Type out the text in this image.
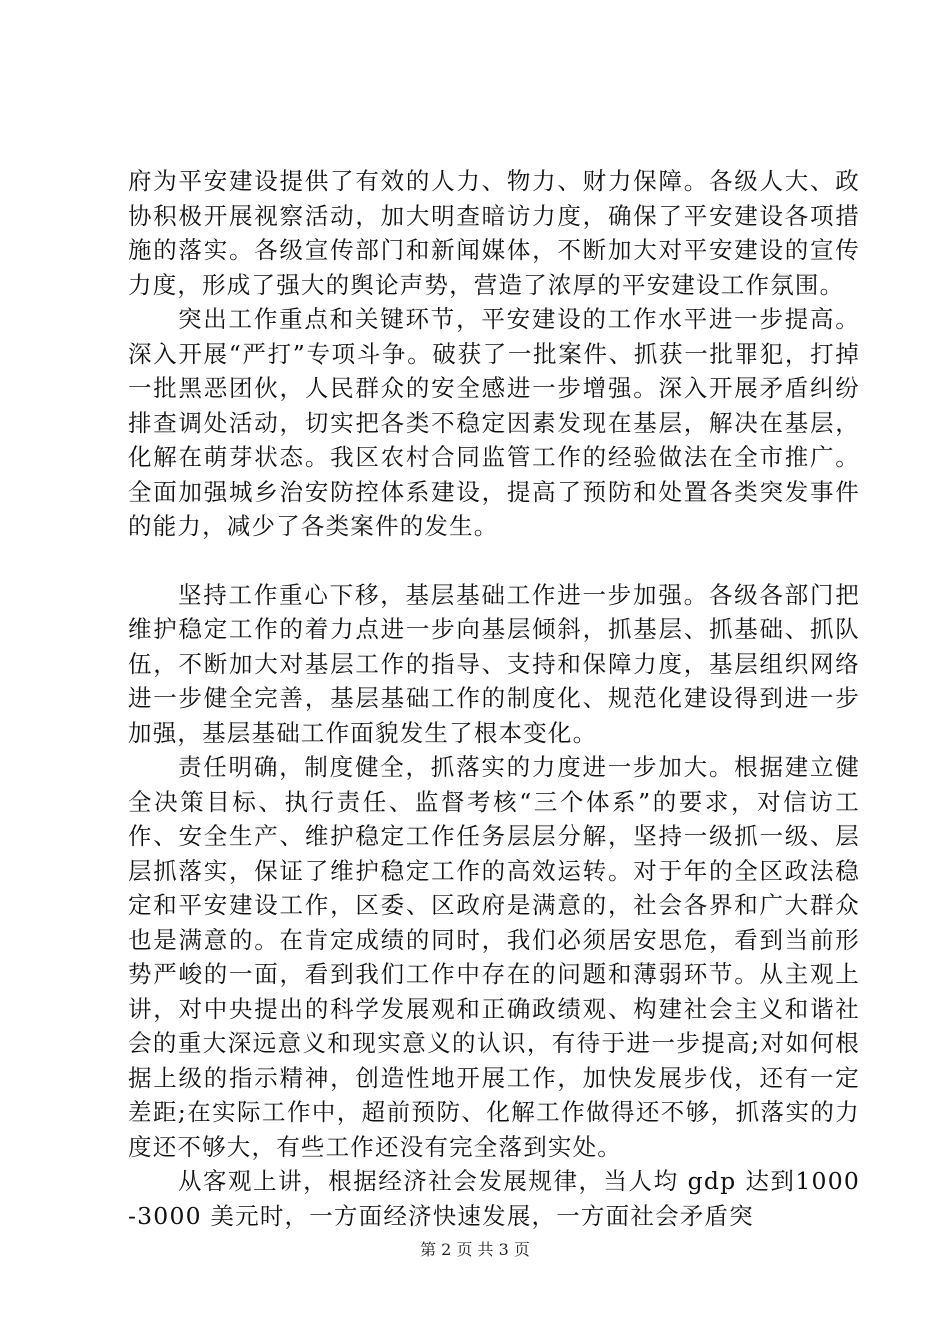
府为平安建设提供了有效的人力、物力、财力保障。各级人大、政协积极开展视察活动，加大明查暗访力度，确保了平安建设各项措施的落实。各级宣传部门和新闻媒体，不断加大对平安建设的宣传力度，形成了强大的舆论声势，营造了浓厚的平安建设工作氛围。

突出工作重点和关键环节，平安建设的工作水平进一步提高。深入开展“严打”专项斗争。破获了一批案件、抓获一批罪犯，打掉一批黑恶团伙，人民群众的安全感进一步增强。深入开展矛盾纠纷排查调处活动，切实把各类不稳定因素发现在基层，解决在基层，化解在萌芽状态。我区农村合同监管工作的经验做法在全市推广。全面加强城乡治安防控体系建设，提高了预防和处置各类突发事件的能力，减少了各类案件的发生。

坚持工作重心下移，基层基础工作进一步加强。各级各部门把维护稳定工作的着力点进一步向基层倾斜，抓基层、抓基础、抓队伍，不断加大对基层工作的指导、支持和保障力度，基层组织网络进一步健全完善，基层基础工作的制度化、规范化建设得到进一步加强，基层基础工作面貌发生了根本变化。

责任明确，制度健全，抓落实的力度进一步加大。根据建立健全决策目标、执行责任、监督考核“三个体系”的要求，对信访工作、安全生产、维护稳定工作任务层层分解，坚持一级抓一级、层层抓落实，保证了维护稳定工作的高效运转。对于年的全区政法稳定和平安建设工作，区委、区政府是满意的，社会各界和广大群众也是满意的。在肯定成绩的同时，我们必须居安思危，看到当前形势严峻的一面，看到我们工作中存在的问题和薄弱环节。从主观上讲，对中央提出的科学发展观和正确政绩观、构建社会主义和谐社会的重大深远意义和现实意义的认识，有待于进一步提高;对如何根据上级的指示精神，创造性地开展工作，加快发展步伐，还有一定差距;在实际工作中，超前预防、化解工作做得还不够，抓落实的力度还不够大，有些工作还没有完全落到实处。

从客观上讲，根据经济社会发展规律，当人均 gdp 达到1000-3000 美元时，一方面经济快速发展，一方面社会矛盾突

第 2 页 共 3 页
